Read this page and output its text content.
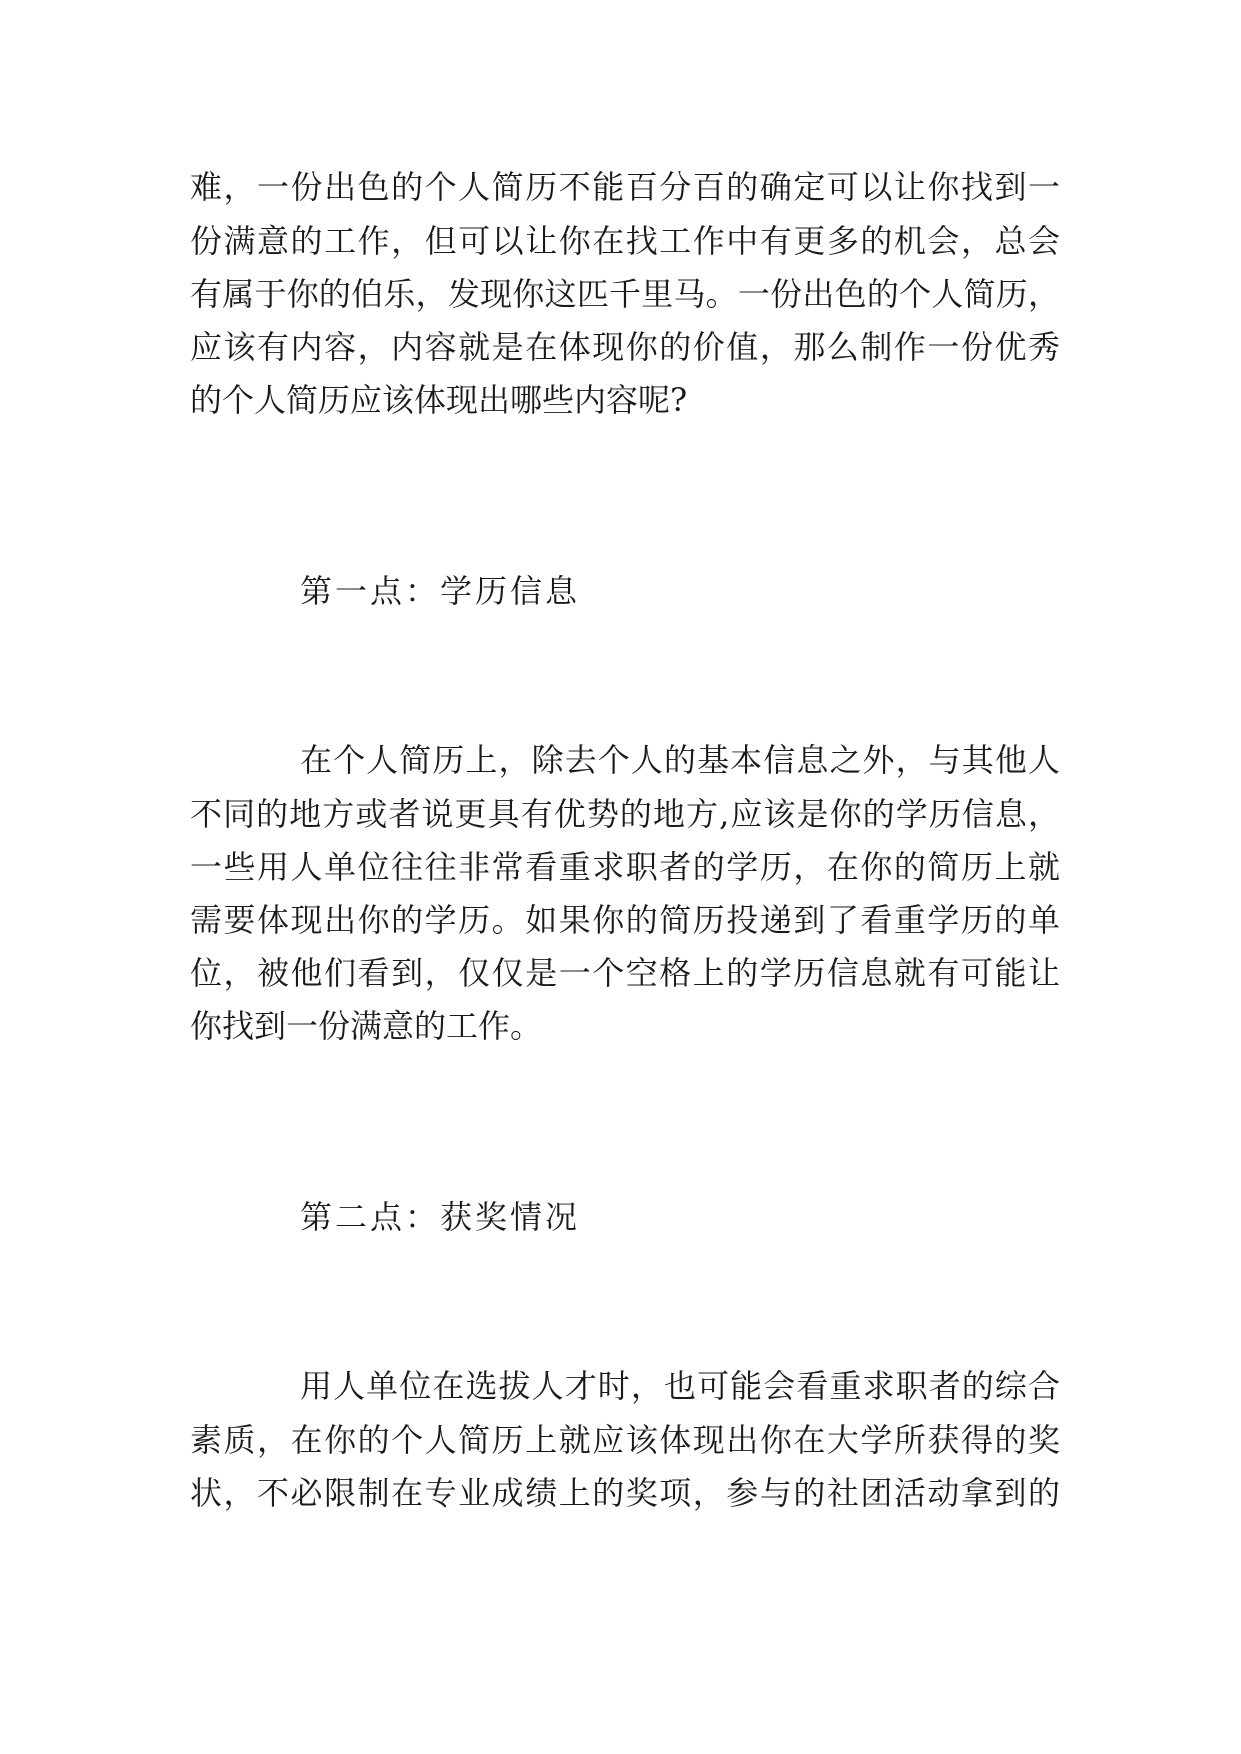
难，一份出色的个人简历不能百分百的确定可以让你找到一

份满意的工作，但可以让你在找工作中有更多的机会，总会

有属于你的伯乐，发现你这匹千里马。一份出色的个人简历，

应该有内容，内容就是在体现你的价值，那么制作一份优秀

的个人简历应该体现出哪些内容呢?

第一点：学历信息

在个人简历上，除去个人的基本信息之外，与其他人

不同的地方或者说更具有优势的地方,应该是你的学历信息，

一些用人单位往往非常看重求职者的学历，在你的简历上就

需要体现出你的学历。如果你的简历投递到了看重学历的单

位，被他们看到，仅仅是一个空格上的学历信息就有可能让

你找到一份满意的工作。

第二点：获奖情况

用人单位在选拔人才时，也可能会看重求职者的综合

素质，在你的个人简历上就应该体现出你在大学所获得的奖

状，不必限制在专业成绩上的奖项，参与的社团活动拿到的
